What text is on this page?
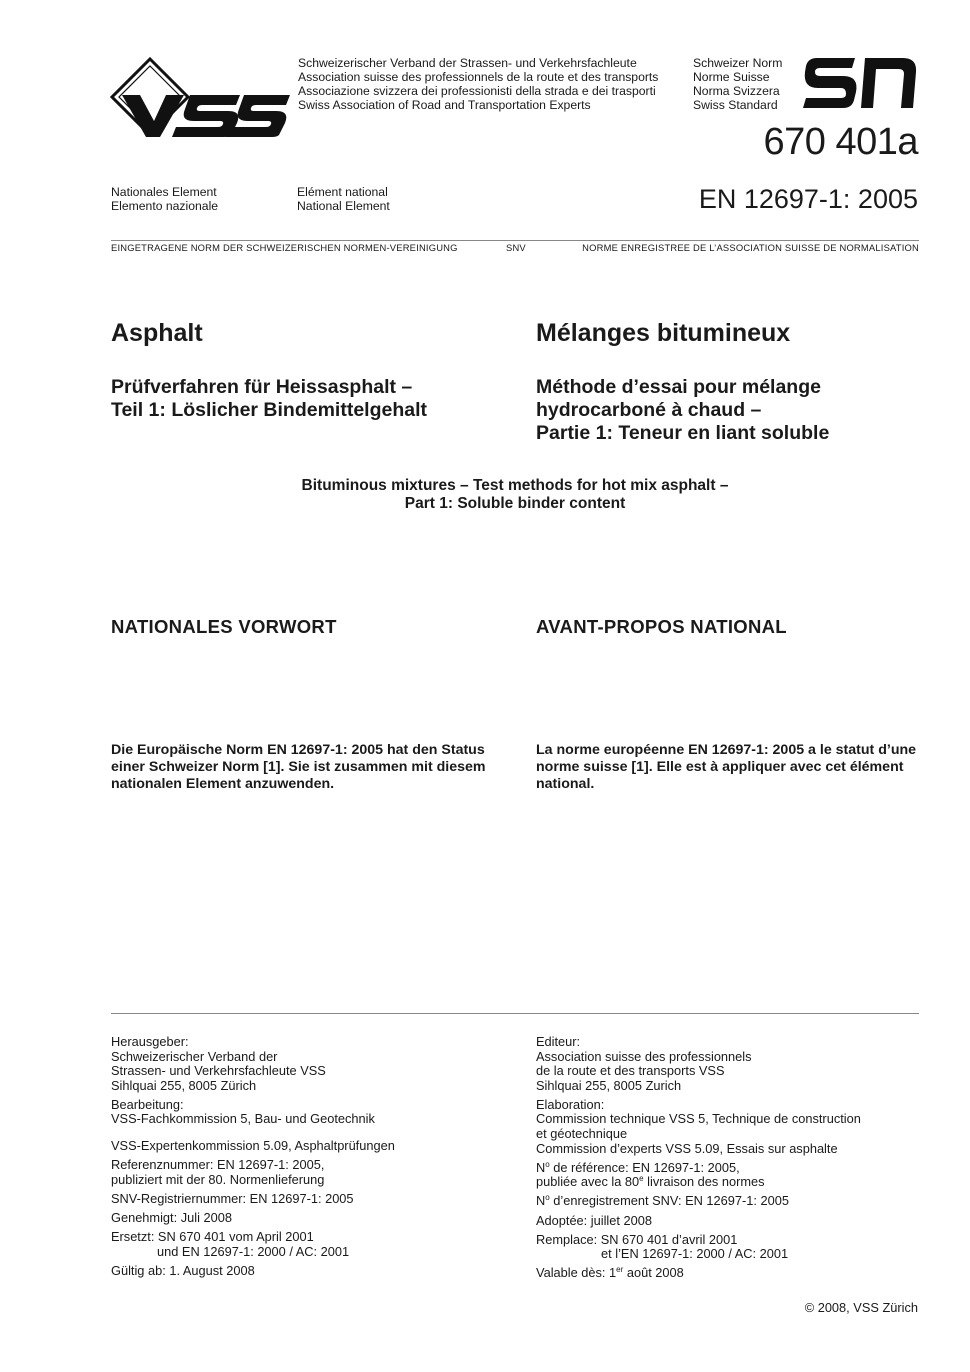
Schweizerischer Verband der Strassen- und Verkehrsfachleute
Association suisse des professionnels de la route et des transports
Associazione svizzera dei professionisti della strada e dei trasporti
Swiss Association of Road and Transportation Experts
Schweizer Norm
Norme Suisse
Norma Svizzera
Swiss Standard
670 401a
Nationales Element
Elemento nazionale
Elément national
National Element	EN 12697-1: 2005
EINGETRAGENE NORM DER SCHWEIZERISCHEN NORMEN-VEREINIGUNG	SNV	NORME ENREGISTREE DE L’ASSOCIATION SUISSE DE NORMALISATION
Asphalt	Mélanges bitumineux
Prüfverfahren für Heissasphalt –
Teil 1: Löslicher Bindemittelgehalt
Méthode d’essai pour mélange
hydrocarboné à chaud –
Partie 1: Teneur en liant soluble
Bituminous mixtures – Test methods for hot mix asphalt –
Part 1: Soluble binder content
NATIONALES VORWORT	AVANT-PROPOS NATIONAL
Die Europäische Norm EN 12697-1: 2005 hat den Status
einer Schweizer Norm [1]. Sie ist zusammen mit diesem
nationalen Element anzuwenden.
La norme européenne EN 12697-1: 2005 a le statut d’une
norme suisse [1]. Elle est à appliquer avec cet élément
national.
Herausgeber:
Schweizerischer Verband der
Strassen- und Verkehrsfachleute VSS
Sihlquai 255, 8005 Zürich
Bearbeitung:
VSS-Fachkommission 5, Bau- und Geotechnik
VSS-Expertenkommission 5.09, Asphaltprüfungen
Referenznummer: EN 12697-1: 2005,
publiziert mit der 80. Normenlieferung
SNV-Registriernummer: EN 12697-1: 2005
Genehmigt: Juli 2008
Ersetzt: SN 670 401 vom April 2001
und EN 12697-1: 2000 / AC: 2001
Gültig ab: 1. August 2008
Editeur:
Association suisse des professionnels
de la route et des transports VSS
Sihlquai 255, 8005 Zurich
Elaboration:
Commission technique VSS 5, Technique de construction
et géotechnique
Commission d’experts VSS 5.09, Essais sur asphalte
$N^o$ de référence: EN 12697-1: 2005,
publiée avec la 80e livraison des normes
$N^o$ d’enregistrement SNV: EN 12697-1: 2005
Adoptée: juillet 2008
Remplace: SN 670 401 d’avril 2001
et l’EN 12697-1: 2000 / AC: 2001
Valable dès: 1er août 2008
© 2008, VSS Zürich
